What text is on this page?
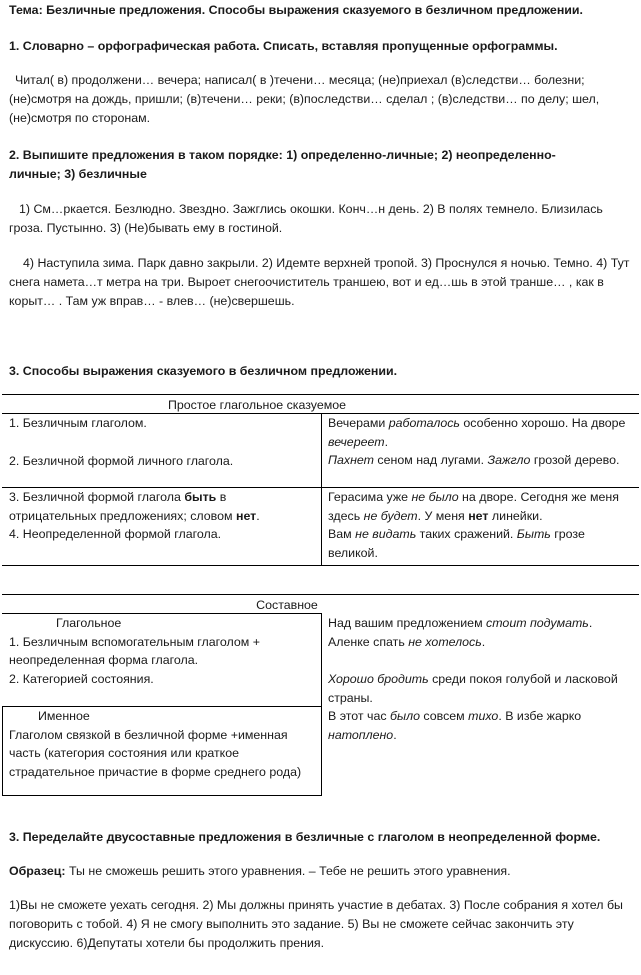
Тема: Безличные предложения. Способы выражения сказуемого в безличном предложении.
1. Словарно – орфографическая работа. Списать, вставляя пропущенные орфограммы.
Читал( в) продолжени… вечера; написал( в )течени… месяца; (не)приехал (в)следстви… болезни; (не)смотря на дождь, пришли; (в)течени… реки; (в)последстви… сделал ; (в)следстви… по делу; шел,(не)смотря по сторонам.
2. Выпишите предложения в таком порядке: 1) определенно-личные; 2) неопределенно-личные; 3) безличные
1) См…ркается. Безлюдно. Звездно. Зажглись окошки. Конч…н день. 2) В полях темнело. Близилась гроза. Пустынно. 3) (Не)бывать ему в гостиной.
4) Наступила зима. Парк давно закрыли. 2) Идемте верхней тропой. 3) Проснулся я ночью. Темно. 4) Тут снега намета…т метра на три. Выроет снегоочиститель траншею, вот и ед…шь в этой транше… , как в корыт… . Там уж вправ… - влев… (не)свершешь.
3. Способы выражения сказуемого в безличном предложении.
Простое глагольное сказуемое
1. Безличным глаголом.
2. Безличной формой личного глагола.
Вечерами работалось особенно хорошо. На дворе вечереет.
Пахнет сеном над лугами. Зажгло грозой дерево.
3. Безличной формой глагола быть в отрицательных предложениях; словом нет.
4. Неопределенной формой глагола.
Герасима уже не было на дворе. Сегодня же меня здесь не будет. У меня нет линейки.
Вам не видать таких сражений. Быть грозе великой.
Составное
Глагольное
1. Безличным вспомогательным глаголом + неопределенная форма глагола.
2. Категорией состояния.
Именное
Глаголом связкой в безличной форме +именная часть (категория состояния или краткое страдательное причастие в форме среднего рода)
Над вашим предложением стоит подумать.
Аленке спать не хотелось.
Хорошо бродить среди покоя голубой и ласковой страны.
В этот час было совсем тихо. В избе жарко натоплено.
3. Переделайте двусоставные предложения в безличные с глаголом в неопределенной форме.
Образец: Ты не сможешь решить этого уравнения. – Тебе не решить этого уравнения.
1)Вы не сможете уехать сегодня. 2) Мы должны принять участие в дебатах. 3) После собрания я хотел бы поговорить с тобой. 4) Я не смогу выполнить это задание. 5) Вы не сможете сейчас закончить эту дискуссию. 6)Депутаты хотели бы продолжить прения.
